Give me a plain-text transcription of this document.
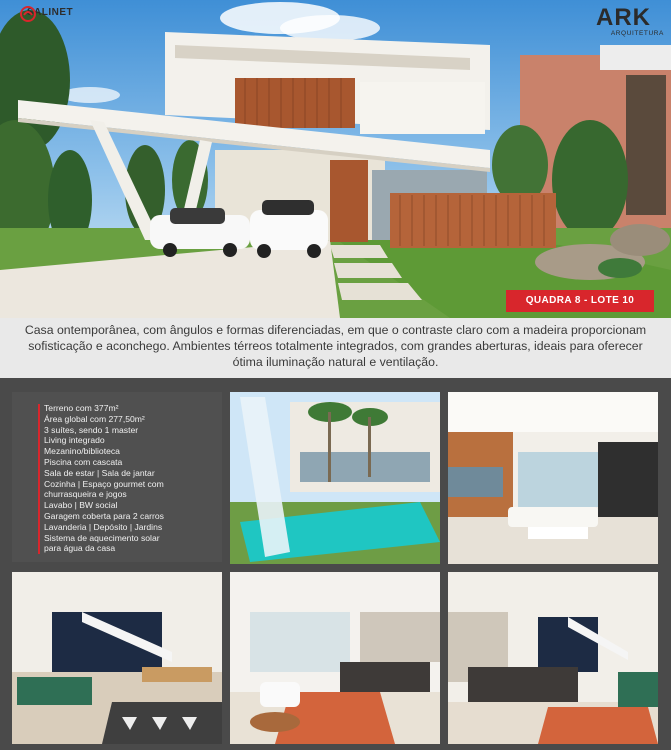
SALINET	ARK
ARQUITETURA
QUADRA 8 - LOTE 10

Casa ontemporânea, com ângulos e formas diferenciadas, em que o contraste claro com a madeira proporcionam sofisticação e aconchego. Ambientes térreos totalmente integrados, com grandes aberturas, ideais para oferecer ótima iluminação natural e ventilação.

Terreno com 377m²
Área global com 277,50m²
3 suítes, sendo 1 master
Living integrado
Mezanino/biblioteca
Piscina com cascata
Sala de estar | Sala de jantar
Cozinha | Espaço gourmet com
churrasqueira e jogos
Lavabo | BW social
Garagem coberta para 2 carros
Lavanderia | Depósito | Jardins
Sistema de aquecimento solar
para água da casa
